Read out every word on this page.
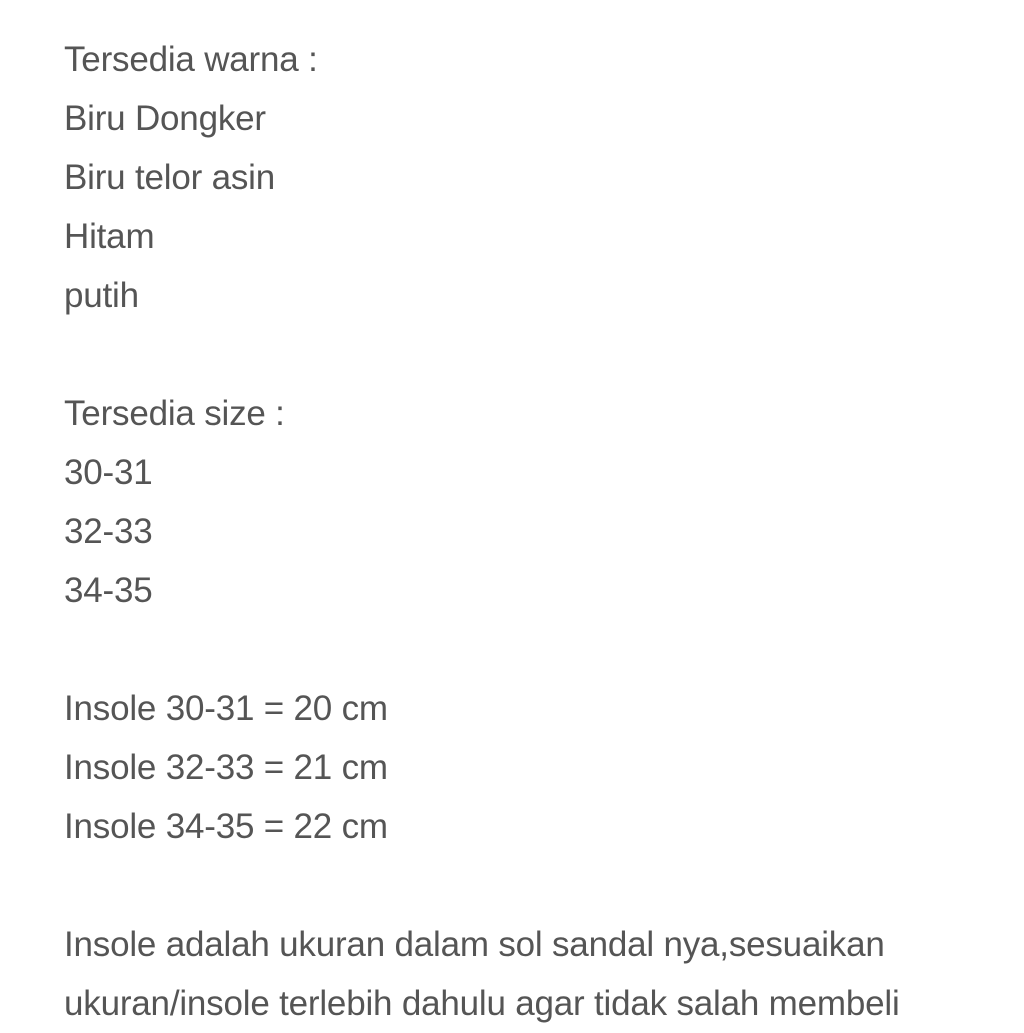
Tersedia warna :
Biru Dongker
Biru telor asin
Hitam
putih
Tersedia size :
30-31
32-33
34-35
Insole 30-31 = 20 cm
Insole 32-33 = 21 cm
Insole 34-35 = 22 cm
Insole adalah ukuran dalam sol sandal nya,sesuaikan
ukuran/insole terlebih dahulu agar tidak salah membeli
